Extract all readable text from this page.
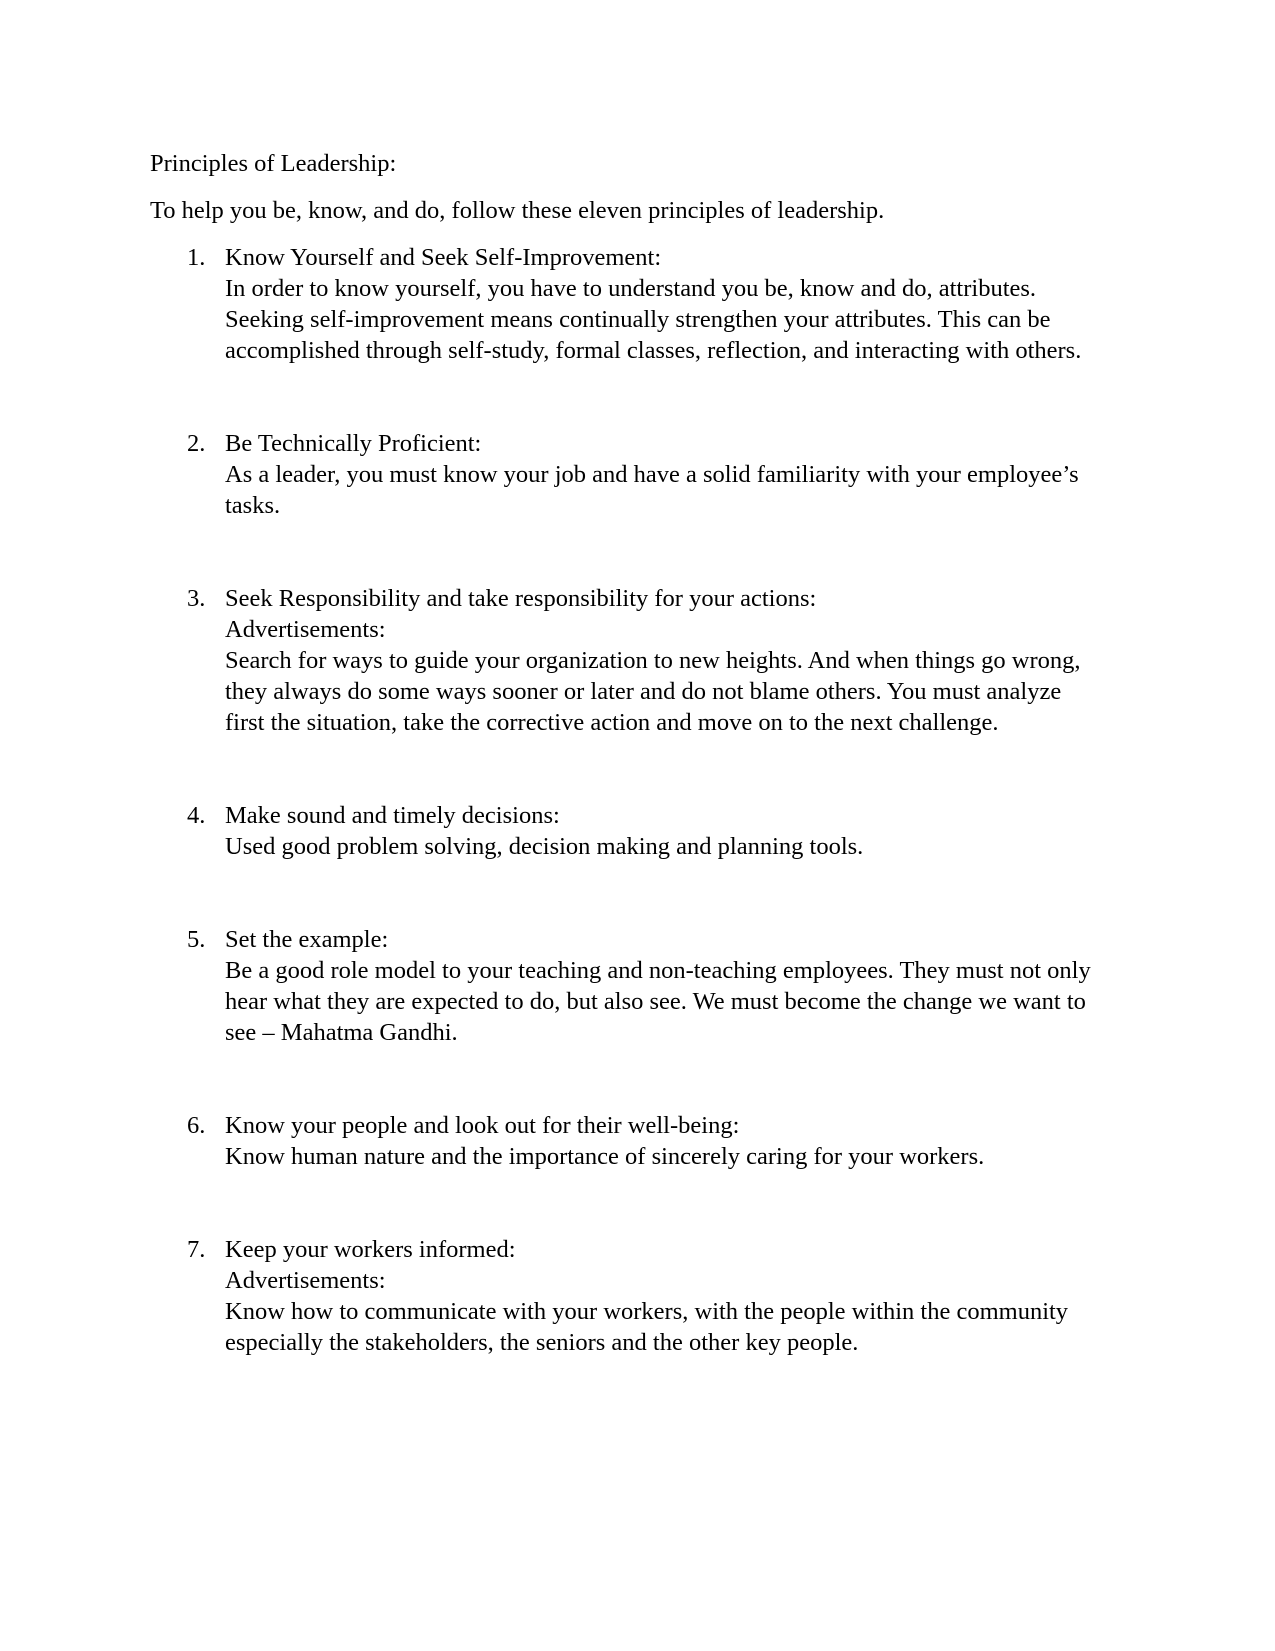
Principles of Leadership:

To help you be, know, and do, follow these eleven principles of leadership.

1. Know Yourself and Seek Self-Improvement:
In order to know yourself, you have to understand you be, know and do, attributes.
Seeking self-improvement means continually strengthen your attributes. This can be
accomplished through self-study, formal classes, reflection, and interacting with others.
2. Be Technically Proficient:
As a leader, you must know your job and have a solid familiarity with your employee’s
tasks.
3. Seek Responsibility and take responsibility for your actions:
Advertisements:
Search for ways to guide your organization to new heights. And when things go wrong,
they always do some ways sooner or later and do not blame others. You must analyze
first the situation, take the corrective action and move on to the next challenge.
4. Make sound and timely decisions:
Used good problem solving, decision making and planning tools.
5. Set the example:
Be a good role model to your teaching and non-teaching employees. They must not only
hear what they are expected to do, but also see. We must become the change we want to
see – Mahatma Gandhi.
6. Know your people and look out for their well-being:
Know human nature and the importance of sincerely caring for your workers.
7. Keep your workers informed:
Advertisements:
Know how to communicate with your workers, with the people within the community
especially the stakeholders, the seniors and the other key people.
